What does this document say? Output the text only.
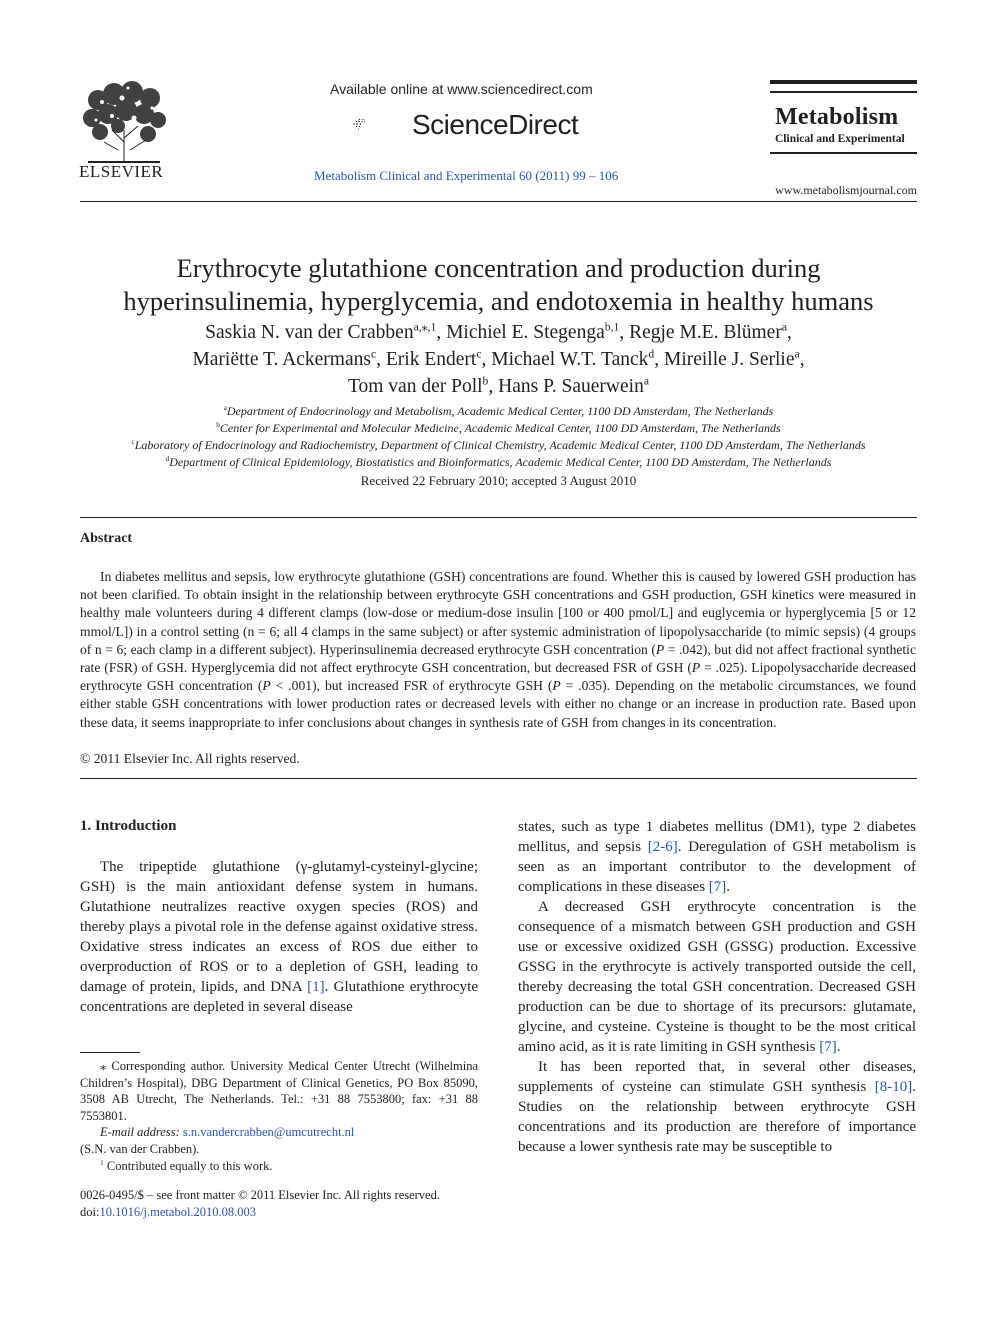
ELSEVIER
Available online at www.sciencedirect.com
ScienceDirect
Metabolism Clinical and Experimental 60 (2011) 99 – 106
Metabolism
Clinical and Experimental
www.metabolismjournal.com
Erythrocyte glutathione concentration and production during
hyperinsulinemia, hyperglycemia, and endotoxemia in healthy humans
Saskia N. van der Crabben$^{a,⁎,1}$, Michiel E. Stegenga$^{b,1}$, Regje M.E. Blümer$^a$,
Mariëtte T. Ackermans$^c$, Erik Endert$^c$, Michael W.T. Tanck$^d$, Mireille J. Serlie$^a$,
Tom van der Poll$^b$, Hans P. Sauerwein$^a$
$^a$Department of Endocrinology and Metabolism, Academic Medical Center, 1100 DD Amsterdam, The Netherlands
$^b$Center for Experimental and Molecular Medicine, Academic Medical Center, 1100 DD Amsterdam, The Netherlands
$^c$Laboratory of Endocrinology and Radiochemistry, Department of Clinical Chemistry, Academic Medical Center, 1100 DD Amsterdam, The Netherlands
$^d$Department of Clinical Epidemiology, Biostatistics and Bioinformatics, Academic Medical Center, 1100 DD Amsterdam, The Netherlands
Received 22 February 2010; accepted 3 August 2010
Abstract

In diabetes mellitus and sepsis, low erythrocyte glutathione (GSH) concentrations are found. Whether this is caused by lowered GSH production has not been clarified. To obtain insight in the relationship between erythrocyte GSH concentrations and GSH production, GSH kinetics were measured in healthy male volunteers during 4 different clamps (low-dose or medium-dose insulin [100 or 400 pmol/L] and euglycemia or hyperglycemia [5 or 12 mmol/L]) in a control setting (n = 6; all 4 clamps in the same subject) or after systemic administration of lipopolysaccharide (to mimic sepsis) (4 groups of n = 6; each clamp in a different subject). Hyperinsulinemia decreased erythrocyte GSH concentration (P = .042), but did not affect fractional synthetic rate (FSR) of GSH. Hyperglycemia did not affect erythrocyte GSH concentration, but decreased FSR of GSH (P = .025). Lipopolysaccharide decreased erythrocyte GSH concentration (P < .001), but increased FSR of erythrocyte GSH (P = .035). Depending on the metabolic circumstances, we found either stable GSH concentrations with lower production rates or decreased levels with either no change or an increase in production rate. Based upon these data, it seems inappropriate to infer conclusions about changes in synthesis rate of GSH from changes in its concentration.

© 2011 Elsevier Inc. All rights reserved.
1. Introduction

The tripeptide glutathione (γ-glutamyl-cysteinyl-glycine; GSH) is the main antioxidant defense system in humans. Glutathione neutralizes reactive oxygen species (ROS) and thereby plays a pivotal role in the defense against oxidative stress. Oxidative stress indicates an excess of ROS due either to overproduction of ROS or to a depletion of GSH, leading to damage of protein, lipids, and DNA [1]. Glutathione erythrocyte concentrations are depleted in several disease

⁎ Corresponding author. University Medical Center Utrecht (Wilhelmina Children’s Hospital), DBG Department of Clinical Genetics, PO Box 85090, 3508 AB Utrecht, The Netherlands. Tel.: +31 88 7553800; fax: +31 88 7553801.

E-mail address: s.n.vandercrabben@umcutrecht.nl

(S.N. van der Crabben).

$^1$ Contributed equally to this work.

0026-0495/$ – see front matter © 2011 Elsevier Inc. All rights reserved.
doi:10.1016/j.metabol.2010.08.003

states, such as type 1 diabetes mellitus (DM1), type 2 diabetes mellitus, and sepsis [2-6]. Deregulation of GSH metabolism is seen as an important contributor to the development of complications in these diseases [7].

A decreased GSH erythrocyte concentration is the consequence of a mismatch between GSH production and GSH use or excessive oxidized GSH (GSSG) production. Excessive GSSG in the erythrocyte is actively transported outside the cell, thereby decreasing the total GSH concentration. Decreased GSH production can be due to shortage of its precursors: glutamate, glycine, and cysteine. Cysteine is thought to be the most critical amino acid, as it is rate limiting in GSH synthesis [7].

It has been reported that, in several other diseases, supplements of cysteine can stimulate GSH synthesis [8-10]. Studies on the relationship between erythrocyte GSH concentrations and its production are therefore of importance because a lower synthesis rate may be susceptible to
